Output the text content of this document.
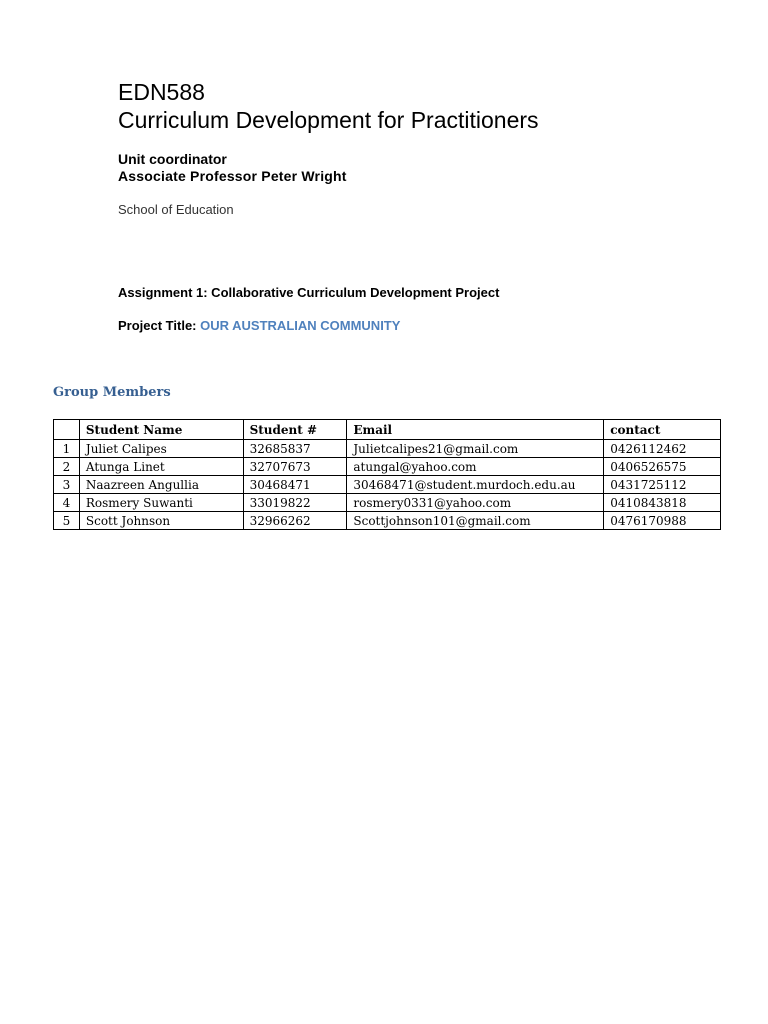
EDN588
Curriculum Development for Practitioners
Unit coordinator
Associate Professor Peter Wright
School of Education
Assignment 1: Collaborative Curriculum Development Project
Project Title: OUR AUSTRALIAN COMMUNITY
Group Members
	Student Name	Student #	Email	contact
1	Juliet Calipes	32685837	Julietcalipes21@gmail.com	0426112462
2	Atunga Linet	32707673	atungal@yahoo.com	0406526575
3	Naazreen Angullia	30468471	30468471@student.murdoch.edu.au	0431725112
4	Rosmery Suwanti	33019822	rosmery0331@yahoo.com	0410843818
5	Scott Johnson	32966262	Scottjohnson101@gmail.com	0476170988
